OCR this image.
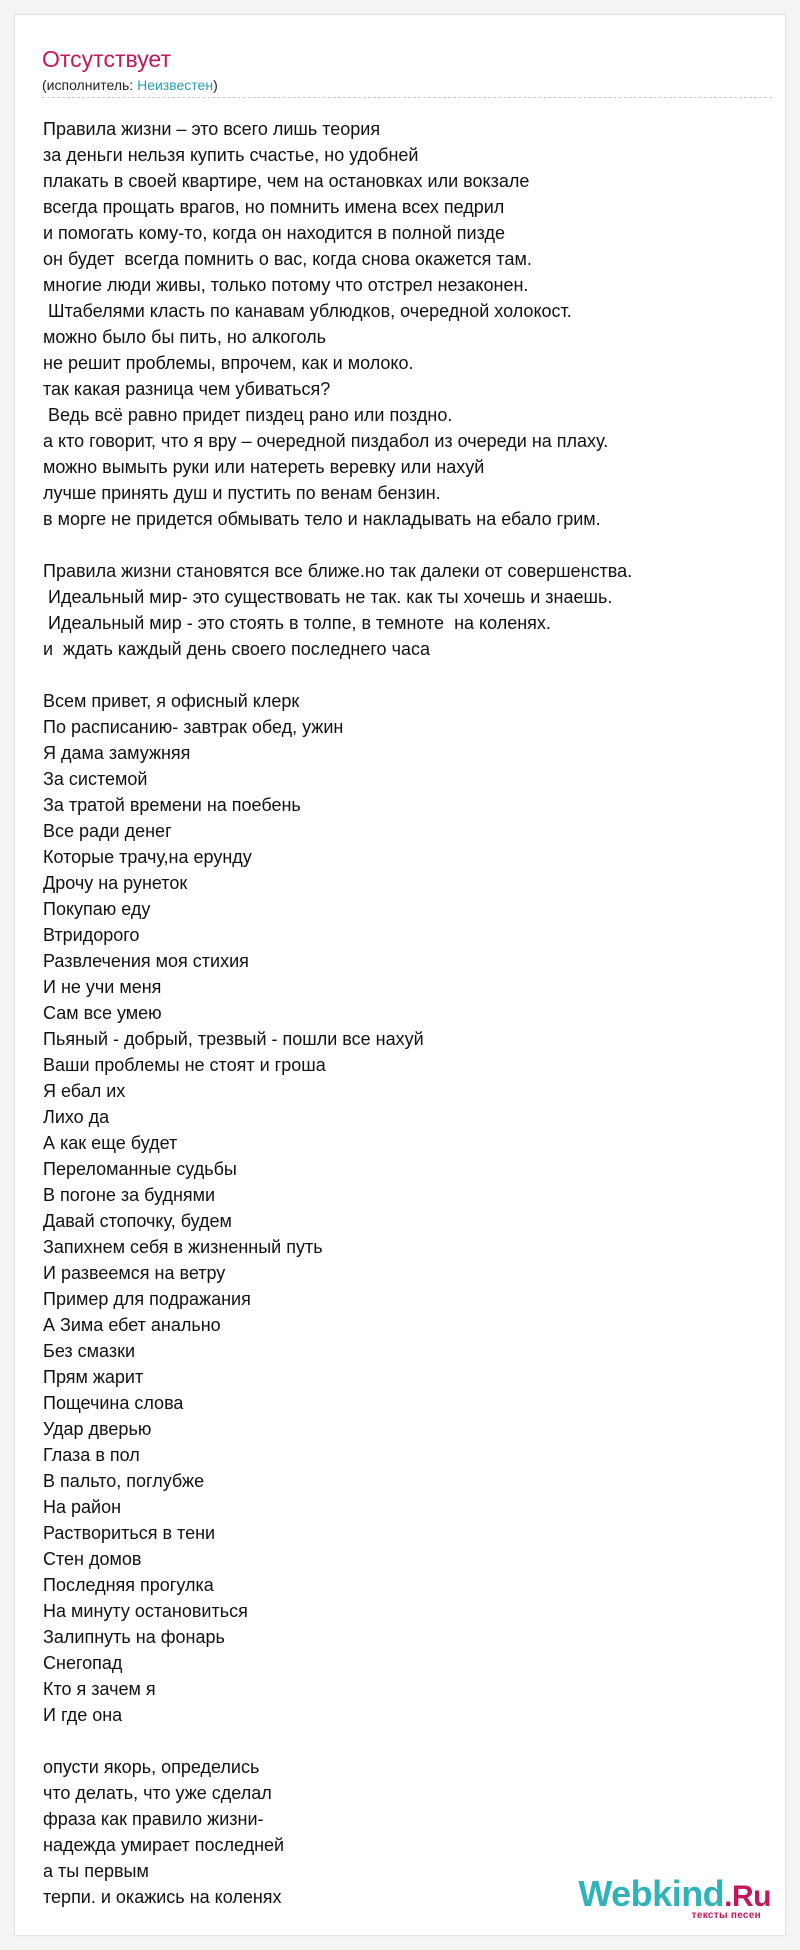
Отсутствует
(исполнитель: Неизвестен)
Правила жизни – это всего лишь теория
за деньги нельзя купить счастье, но удобней
плакать в своей квартире, чем на остановках или вокзале
всегда прощать врагов, но помнить имена всех педрил
и помогать кому-то, когда он находится в полной пизде
он будет  всегда помнить о вас, когда снова окажется там.
многие люди живы, только потому что отстрел незаконен.
Штабелями класть по канавам ублюдков, очередной холокост.
можно было бы пить, но алкоголь
не решит проблемы, впрочем, как и молоко.
так какая разница чем убиваться?
Ведь всё равно придет пиздец рано или поздно.
а кто говорит, что я вру – очередной пиздабол из очереди на плаху.
можно вымыть руки или натереть веревку или нахуй
лучше принять душ и пустить по венам бензин.
в морге не придется обмывать тело и накладывать на ебало грим.
Правила жизни становятся все ближе.но так далеки от совершенства.
Идеальный мир- это существовать не так. как ты хочешь и знаешь.
Идеальный мир - это стоять в толпе, в темноте  на коленях.
и  ждать каждый день своего последнего часа
Всем привет, я офисный клерк
По расписанию- завтрак обед, ужин
Я дама замужняя
За системой
За тратой времени на поебень
Все ради денег
Которые трачу,на ерунду
Дрочу на рунеток
Покупаю еду
Втридорого
Развлечения моя стихия
И не учи меня
Сам все умею
Пьяный - добрый, трезвый - пошли все нахуй
Ваши проблемы не стоят и гроша
Я ебал их
Лихо да
А как еще будет
Переломанные судьбы
В погоне за буднями
Давай стопочку, будем
Запихнем себя в жизненный путь
И развеемся на ветру
Пример для подражания
А Зима ебет анально
Без смазки
Прям жарит
Пощечина слова
Удар дверью
Глаза в пол
В пальто, поглубже
На район
Раствориться в тени
Стен домов
Последняя прогулка
На минуту остановиться
Залипнуть на фонарь
Снегопад
Кто я зачем я
И где она
опусти якорь, определись
что делать, что уже сделал
фраза как правило жизни-
надежда умирает последней
а ты первым
терпи. и окажись на коленях	Webkind.Ru
тексты песен
